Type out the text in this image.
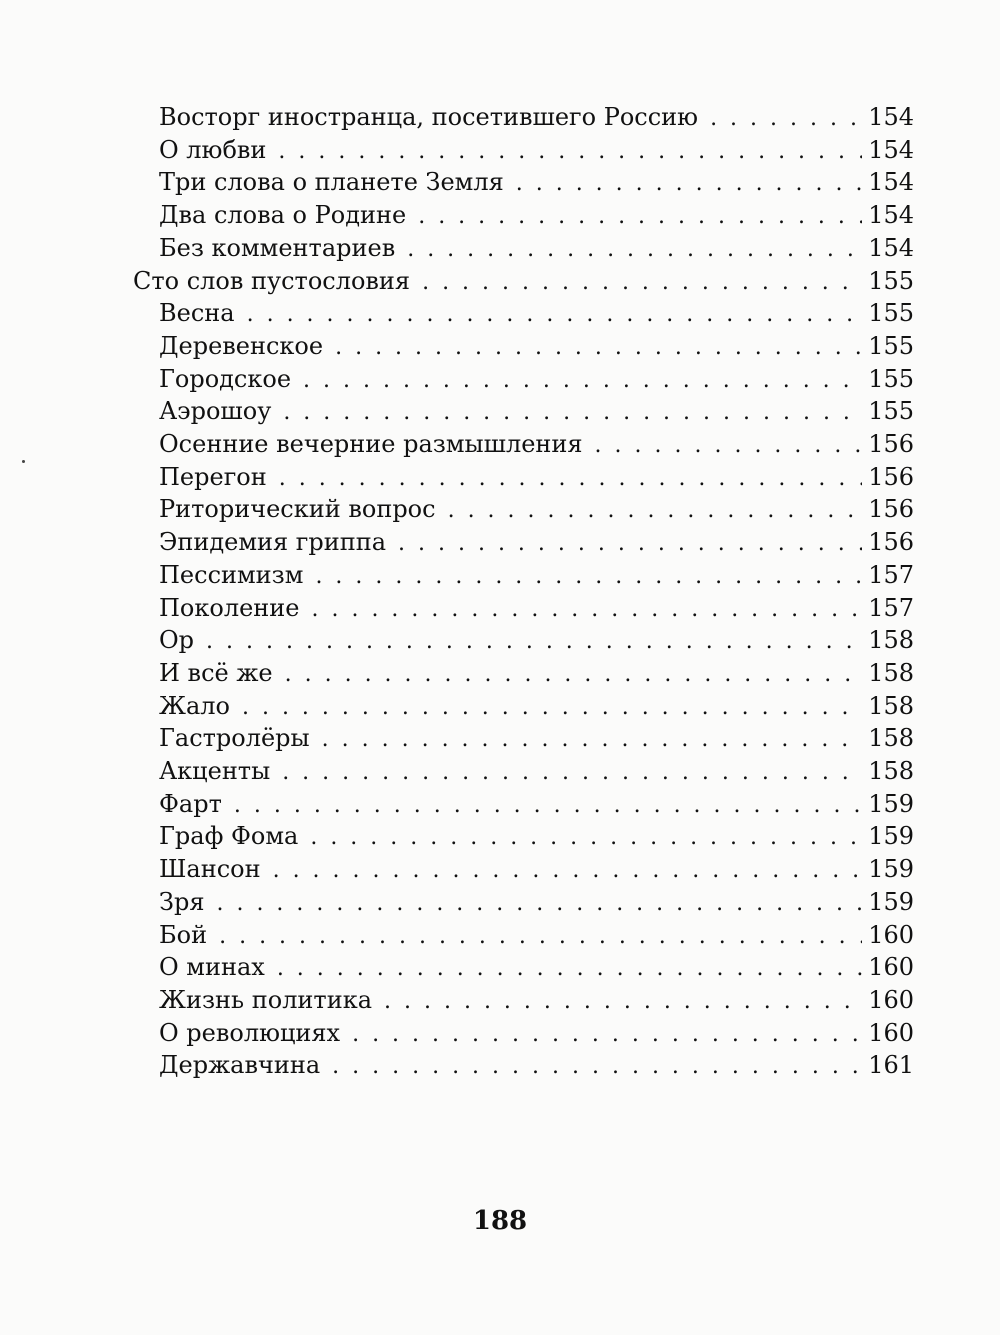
Восторг иностранца, посетившего Россию . . .	154
О любви . . .	154
Три слова о планете Земля . . .	154
Два слова о Родине . . .	154
Без комментариев . . .	154
Сто слов пустословия . . .	155
Весна . . .	155
Деревенское . . .	155
Городское . . .	155
Аэрошоу . . .	155
Осенние вечерние размышления . . .	156
Перегон . . .	156
Риторический вопрос . . .	156
Эпидемия гриппа . . .	156
Пессимизм . . .	157
Поколение . . .	157
Ор . . .	158
И всё же . . .	158
Жало . . .	158
Гастролёры . . .	158
Акценты . . .	158
Фарт . . .	159
Граф Фома . . .	159
Шансон . . .	159
Зря . . .	159
Бой . . .	160
О минах . . .	160
Жизнь политика . . .	160
О революциях . . .	160
Державчина . . .	161
188
